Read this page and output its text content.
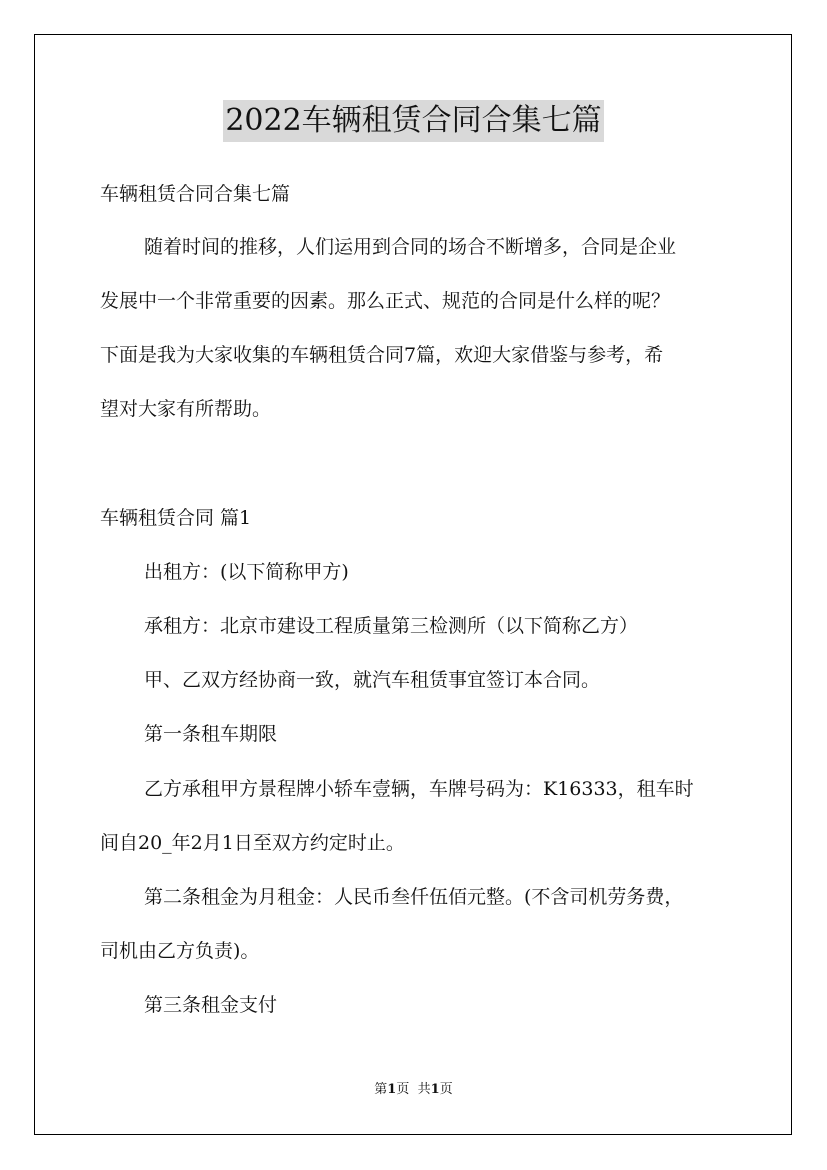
2022车辆租赁合同合集七篇
车辆租赁合同合集七篇
随着时间的推移，人们运用到合同的场合不断增多，合同是企业
发展中一个非常重要的因素。那么正式、规范的合同是什么样的呢？
下面是我为大家收集的车辆租赁合同7篇，欢迎大家借鉴与参考，希
望对大家有所帮助。
车辆租赁合同 篇1
出租方：(以下简称甲方)
承租方：北京市建设工程质量第三检测所（以下简称乙方）
甲、乙双方经协商一致，就汽车租赁事宜签订本合同。
第一条租车期限
乙方承租甲方景程牌小轿车壹辆，车牌号码为：K16333，租车时
间自20_年2月1日至双方约定时止。
第二条租金为月租金：人民币叁仟伍佰元整。(不含司机劳务费，
司机由乙方负责)。
第三条租金支付
第1页 共1页
